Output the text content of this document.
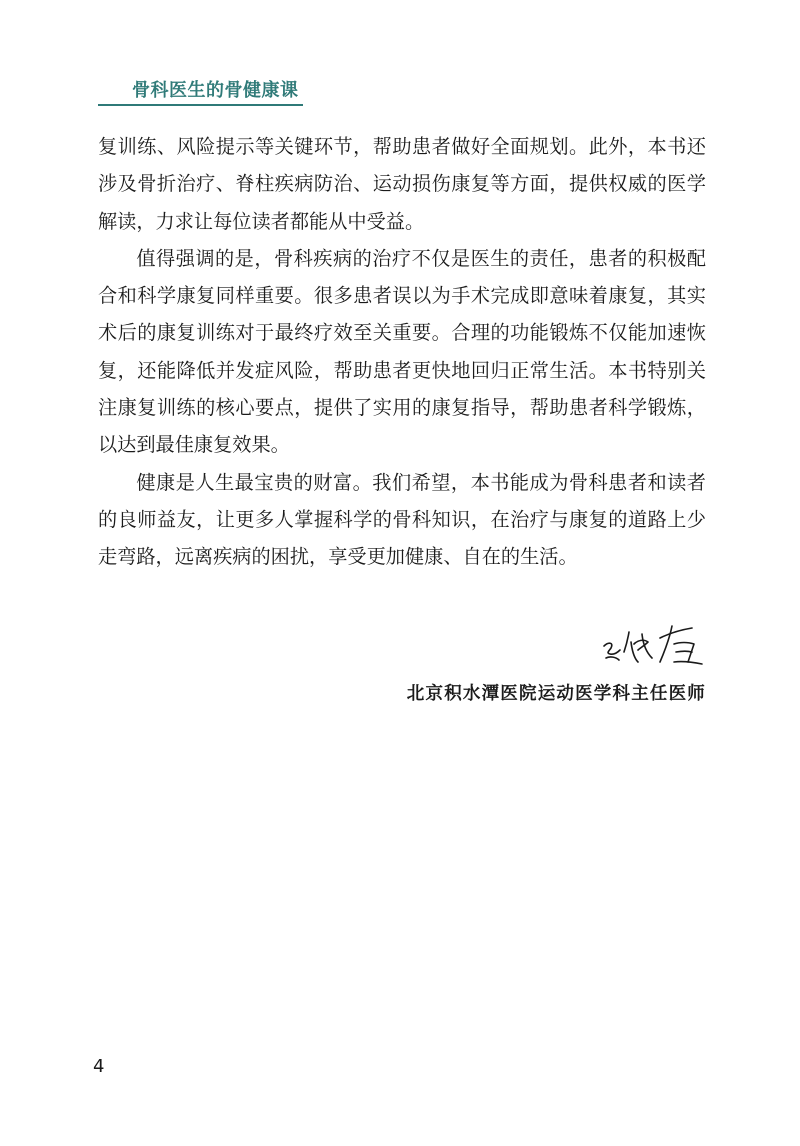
骨科医生的骨健康课

复训练、风险提示等关键环节，帮助患者做好全面规划。此外，本书还涉及骨折治疗、脊柱疾病防治、运动损伤康复等方面，提供权威的医学解读，力求让每位读者都能从中受益。

值得强调的是，骨科疾病的治疗不仅是医生的责任，患者的积极配合和科学康复同样重要。很多患者误以为手术完成即意味着康复，其实术后的康复训练对于最终疗效至关重要。合理的功能锻炼不仅能加速恢复，还能降低并发症风险，帮助患者更快地回归正常生活。本书特别关注康复训练的核心要点，提供了实用的康复指导，帮助患者科学锻炼，以达到最佳康复效果。

健康是人生最宝贵的财富。我们希望，本书能成为骨科患者和读者的良师益友，让更多人掌握科学的骨科知识，在治疗与康复的道路上少走弯路，远离疾病的困扰，享受更加健康、自在的生活。

北京积水潭医院运动医学科主任医师
4
